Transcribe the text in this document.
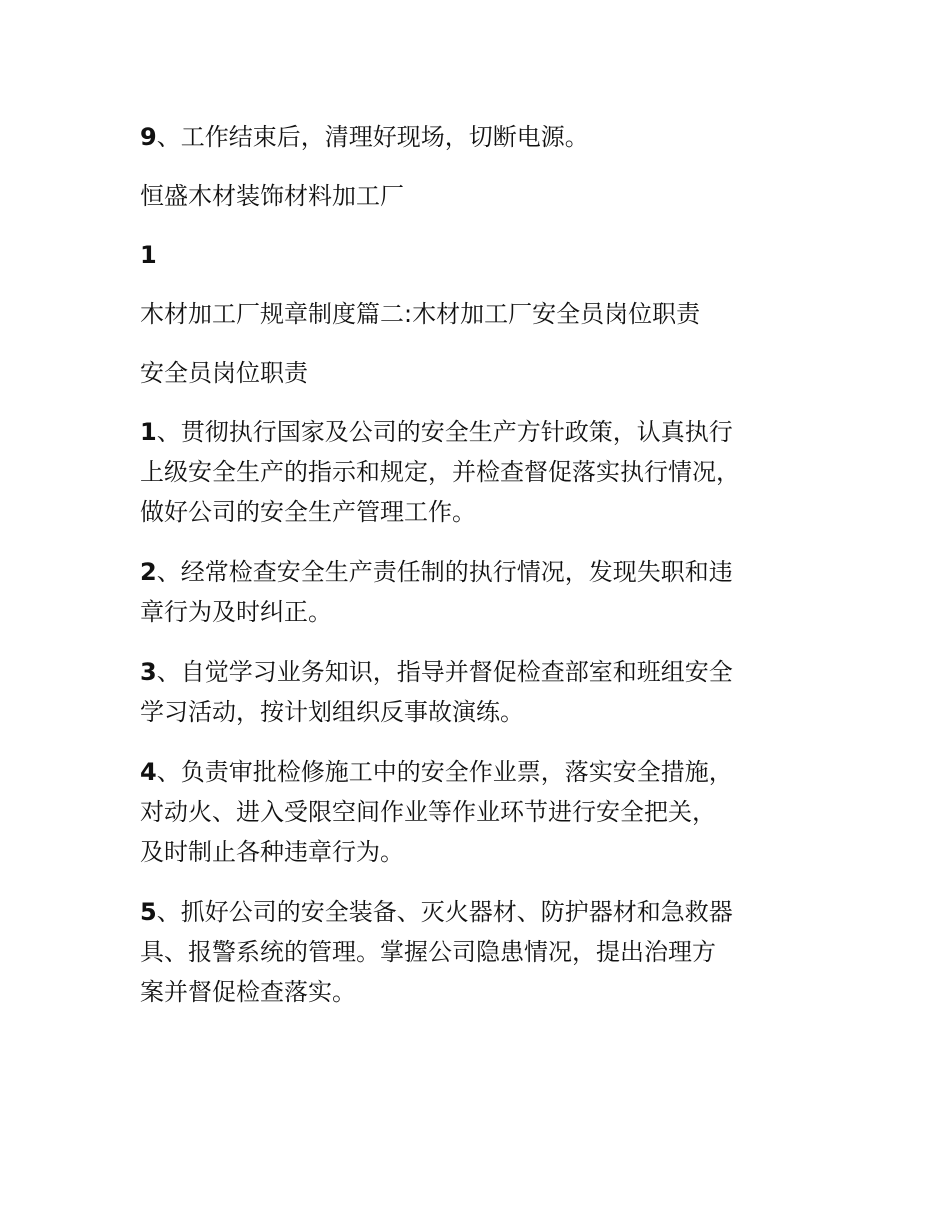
9、工作结束后，清理好现场，切断电源。

恒盛木材装饰材料加工厂

1

木材加工厂规章制度篇二:木材加工厂安全员岗位职责

安全员岗位职责

1、贯彻执行国家及公司的安全生产方针政策，认真执行
上级安全生产的指示和规定，并检查督促落实执行情况，
做好公司的安全生产管理工作。
2、经常检查安全生产责任制的执行情况，发现失职和违
章行为及时纠正。
3、自觉学习业务知识，指导并督促检查部室和班组安全
学习活动，按计划组织反事故演练。
4、负责审批检修施工中的安全作业票，落实安全措施，
对动火、进入受限空间作业等作业环节进行安全把关，
及时制止各种违章行为。
5、抓好公司的安全装备、灭火器材、防护器材和急救器
具、报警系统的管理。掌握公司隐患情况，提出治理方
案并督促检查落实。
